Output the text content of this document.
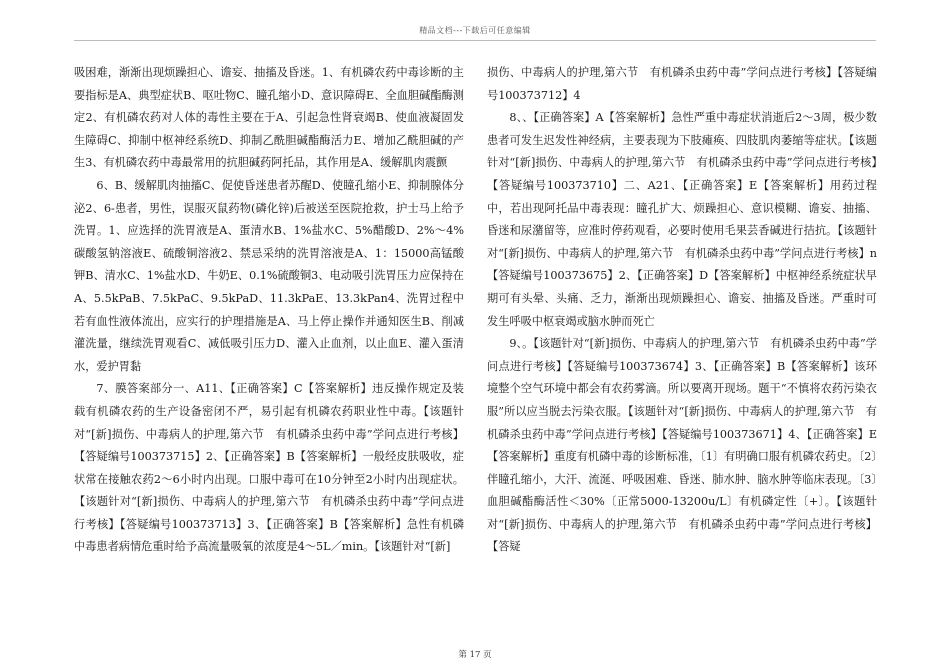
精品文档---下载后可任意编辑

吸困难，渐渐出现烦躁担心、谵妄、抽搐及昏迷。1、有机磷农药中毒诊断的主要指标是A、典型症状B、呕吐物C、瞳孔缩小D、意识障碍E、全血胆碱酯酶测定2、有机磷农药对人体的毒性主要在于A、引起急性肾衰竭B、使血液凝固发生障碍C、抑制中枢神经系统D、抑制乙酰胆碱酯酶活力E、增加乙酰胆碱的产生3、有机磷农药中毒最常用的抗胆碱药阿托品，其作用是A、缓解肌肉震颤

6、B、缓解肌肉抽搐C、促使昏迷患者苏醒D、使瞳孔缩小E、抑制腺体分泌2、6-患者，男性，误服灭鼠药物(磷化锌)后被送至医院抢救，护士马上给予洗胃。1、应选择的洗胃液是A、蛋清水B、1%盐水C、5%醋酸D、2%～4%碳酸氢钠溶液E、硫酸铜溶液2、禁忌采纳的洗胃溶液是A、1：15000高锰酸钾B、清水C、1%盐水D、牛奶E、0.1%硫酸铜3、电动吸引洗胃压力应保持在A、5.5kPaB、7.5kPaC、9.5kPaD、11.3kPaE、13.3kPan4、洗胃过程中若有血性液体流出，应实行的护理措施是A、马上停止操作并通知医生B、削减灌洗量，继续洗胃观看C、减低吸引压力D、灌入止血剂，以止血E、灌入蛋清水，爱护胃黏

7、膜答案部分一、A11、【正确答案】C【答案解析】违反操作规定及装载有机磷农药的生产设备密闭不严，易引起有机磷农药职业性中毒。【该题针对“[新]损伤、中毒病人的护理,第六节　有机磷杀虫药中毒”学问点进行考核】【答疑编号100373715】2、【正确答案】B【答案解析】一般经皮肤吸收，症状常在接触农药2～6小时内出现。口服中毒可在10分钟至2小时内出现症状。【该题针对“[新]损伤、中毒病人的护理,第六节　有机磷杀虫药中毒”学问点进行考核】【答疑编号100373713】3、【正确答案】B【答案解析】急性有机磷中毒患者病情危重时给予高流量吸氧的浓度是4～5L／min。【该题针对“[新]

损伤、中毒病人的护理,第六节　有机磷杀虫药中毒”学问点进行考核】【答疑编号100373712】4

8、、【正确答案】A【答案解析】急性严重中毒症状消逝后2～3周，极少数患者可发生迟发性神经病，主要表现为下肢瘫痪、四肢肌肉萎缩等症状。【该题针对“[新]损伤、中毒病人的护理,第六节　有机磷杀虫药中毒”学问点进行考核】【答疑编号100373710】二、A21、【正确答案】E【答案解析】用药过程中，若出现阿托品中毒表现：瞳孔扩大、烦躁担心、意识模糊、谵妄、抽搐、昏迷和尿潴留等，应准时停药观看，必要时使用毛果芸香碱进行拮抗。【该题针对“[新]损伤、中毒病人的护理,第六节　有机磷杀虫药中毒”学问点进行考核】n【答疑编号100373675】2、【正确答案】D【答案解析】中枢神经系统症状早期可有头晕、头痛、乏力，渐渐出现烦躁担心、谵妄、抽搐及昏迷。严重时可发生呼吸中枢衰竭或脑水肿而死亡

9、。【该题针对“[新]损伤、中毒病人的护理,第六节　有机磷杀虫药中毒”学问点进行考核】【答疑编号100373674】3、【正确答案】B【答案解析】该环境整个空气环境中都会有农药雾滴。所以要离开现场。题干“不慎将农药污染衣服”所以应当脱去污染衣服。【该题针对“[新]损伤、中毒病人的护理,第六节　有机磷杀虫药中毒”学问点进行考核】【答疑编号100373671】4、【正确答案】E【答案解析】重度有机磷中毒的诊断标准，〔1〕有明确口服有机磷农药史。〔2〕伴瞳孔缩小，大汗、流涎、呼吸困难、昏迷、肺水肿、脑水肿等临床表现。〔3〕血胆碱酯酶活性＜30%〔正常5000-13200u/L〕有机磷定性〔+〕。【该题针对“[新]损伤、中毒病人的护理,第六节　有机磷杀虫药中毒”学问点进行考核】【答疑

第 17 页
